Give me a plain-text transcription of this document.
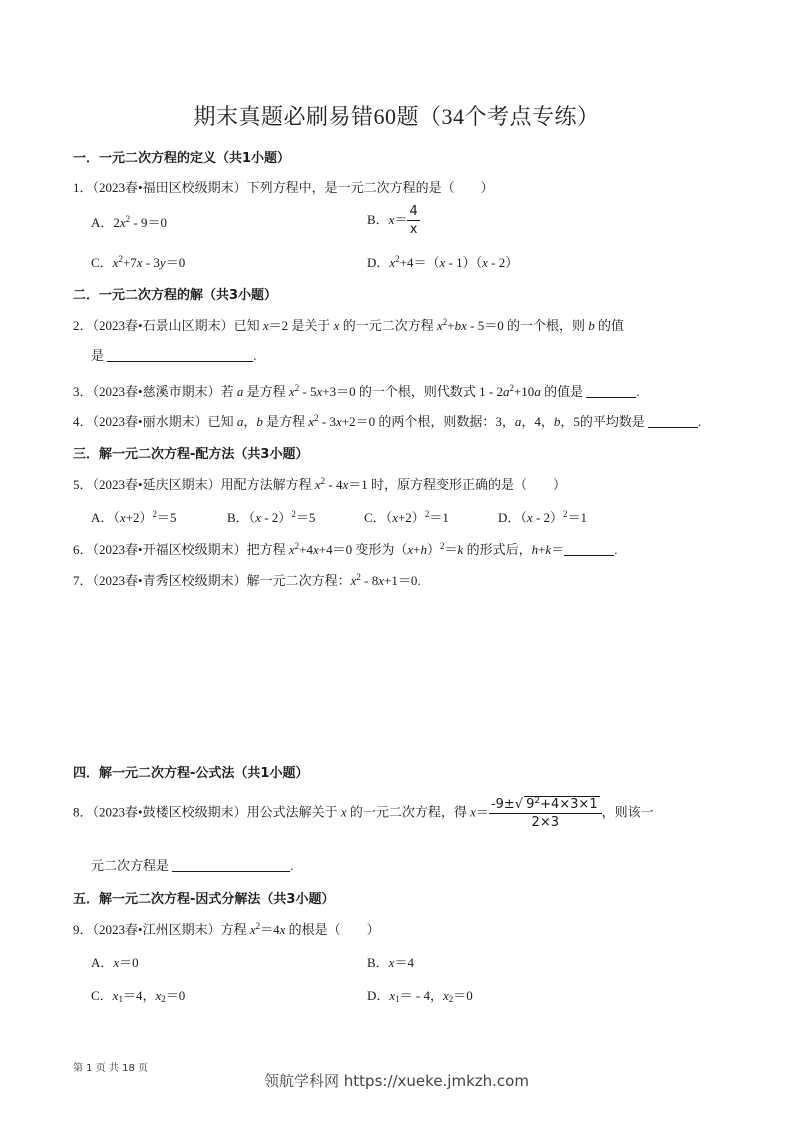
期末真题必刷易错60题（34个考点专练）
一．一元二次方程的定义（共1小题）
1．（2023春•福田区校级期末）下列方程中，是一元二次方程的是（　　）
A．$2x^2 - 9=0$	B．$x= \frac{4}{x}$
C．$x^2+7x - 3y=0$	D．$x^2+4=(x - 1)(x - 2)$
二．一元二次方程的解（共3小题）
2．（2023春•石景山区期末）已知 x＝2 是关于 x 的一元二次方程 $x^2+bx - 5=0$ 的一个根，则 b 的值
是	.
3．（2023春•慈溪市期末）若 a 是方程 $x^2 - 5x+3=0$ 的一个根，则代数式 $1 - 2a^2+10a$ 的值是	.
4．（2023春•丽水期末）已知 a，b 是方程 $x^2 - 3x+2=0$ 的两个根，则数据：3，a，4，b，5的平均数是	.
三．解一元二次方程-配方法（共3小题）
5．（2023春•延庆区期末）用配方法解方程 $x^2 - 4x=1$ 时，原方程变形正确的是（　　）
A．$(x+2)^2=5$	B．（x - 2）$^2$＝5	C．$(x+2)^2=1$	D．（x - 2）$^2$＝1
6．（2023春•开福区校级期末）把方程 $x^2+4x+4=0$ 变形为$(x+h)^2=k$ 的形式后，h+k＝	.
7．（2023春•青秀区校级期末）解一元二次方程：$x^2 - 8x+1=0$.
四．解一元二次方程-公式法（共1小题）
8．（2023春•鼓楼区校级期末）用公式法解关于 x 的一元二次方程，得 $x= \frac{-9\pm√ 9^2+4\times 3\times 1}{2\times 3}$ ，则该一
元二次方程是	.
五．解一元二次方程-因式分解法（共3小题）
9．（2023春•江州区期末）方程 $x^2=4x$ 的根是（　　）
A．x＝0	B．x＝4
C．$x_1=4$，$x_2=0$	D．$x_1= - 4$，$x_2=0$
第 1 页 共 18 页
领航学科网 https://xueke.jmkzh.com
